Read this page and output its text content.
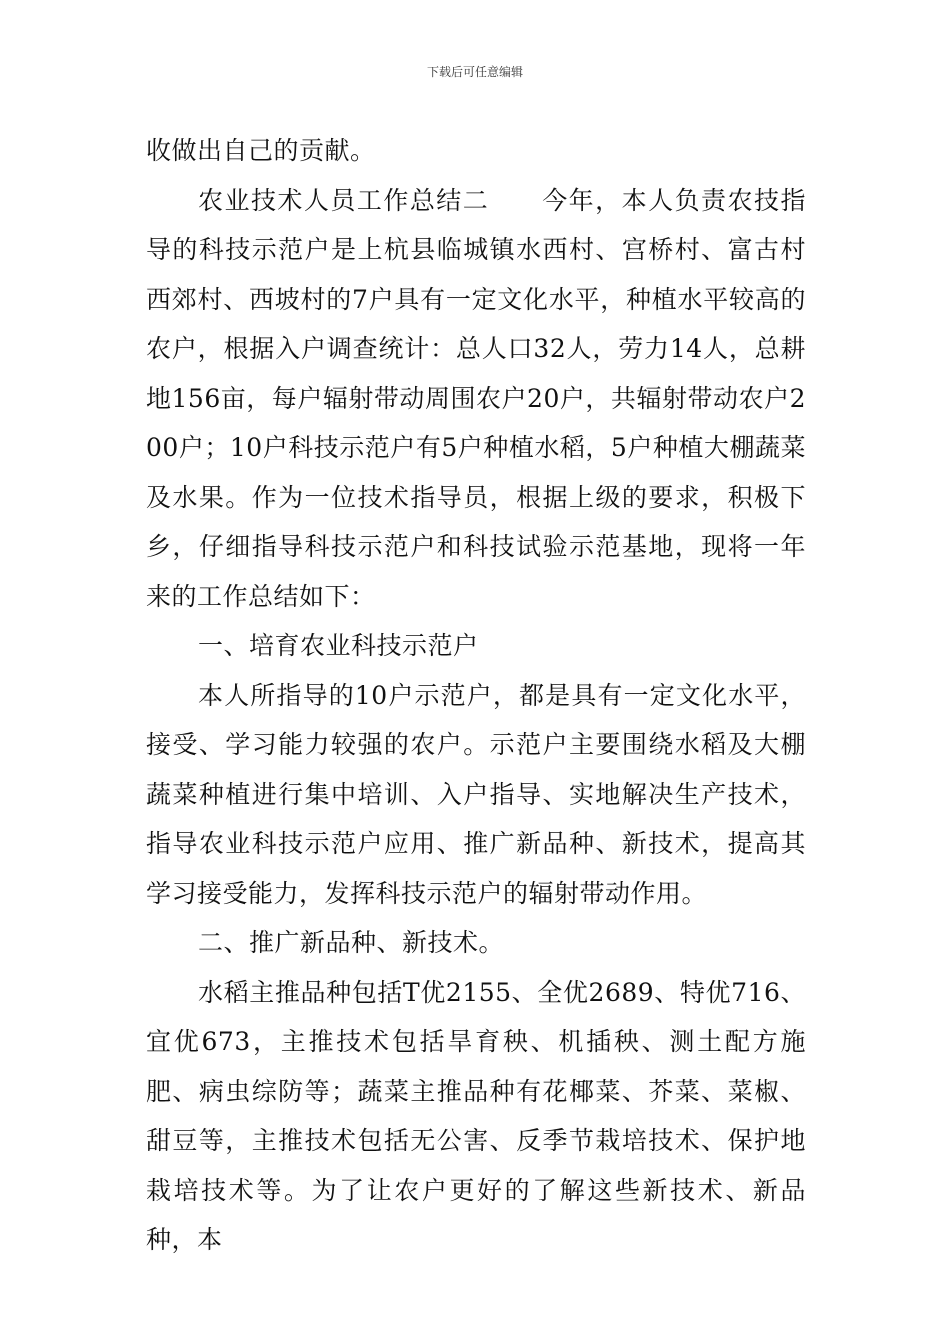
下载后可任意编辑

收做出自己的贡献。

农业技术人员工作总结二　　今年，本人负责农技指导的科技示范户是上杭县临城镇水西村、宫桥村、富古村西郊村、西坡村的7户具有一定文化水平，种植水平较高的农户，根据入户调查统计：总人口32人，劳力14人，总耕地156亩，每户辐射带动周围农户20户，共辐射带动农户200户；10户科技示范户有5户种植水稻，5户种植大棚蔬菜及水果。作为一位技术指导员，根据上级的要求，积极下乡，仔细指导科技示范户和科技试验示范基地，现将一年来的工作总结如下：

一、培育农业科技示范户

本人所指导的10户示范户，都是具有一定文化水平，接受、学习能力较强的农户。示范户主要围绕水稻及大棚蔬菜种植进行集中培训、入户指导、实地解决生产技术，指导农业科技示范户应用、推广新品种、新技术，提高其学习接受能力，发挥科技示范户的辐射带动作用。

二、推广新品种、新技术。

水稻主推品种包括T优2155、全优2689、特优716、宜优673，主推技术包括旱育秧、机插秧、测土配方施肥、病虫综防等；蔬菜主推品种有花椰菜、芥菜、菜椒、甜豆等，主推技术包括无公害、反季节栽培技术、保护地栽培技术等。为了让农户更好的了解这些新技术、新品种，本
